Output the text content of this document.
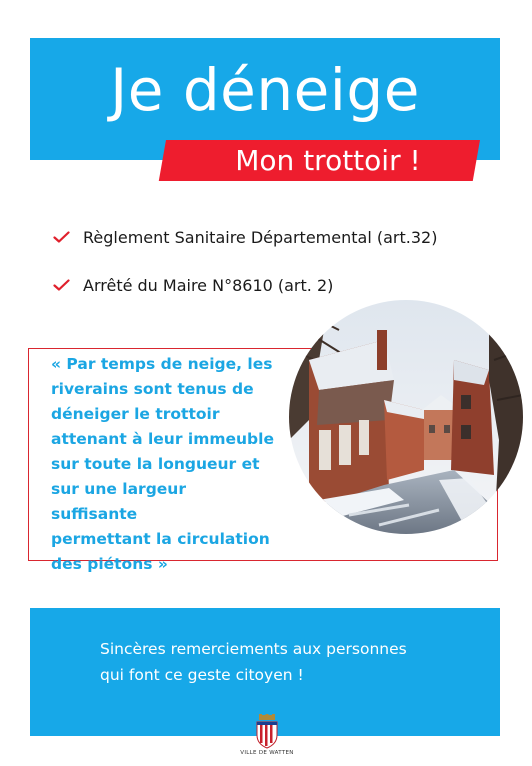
Je déneige
Mon trottoir !
Règlement Sanitaire Départemental (art.32)
Arrêté du Maire N°8610 (art. 2)
« Par temps de neige, les
riverains sont tenus de
déneiger le trottoir
attenant à leur immeuble
sur toute la longueur et
sur une largeur suffisante
permettant la circulation
des piétons »
Sincères remerciements aux personnes
qui font ce geste citoyen !
VILLE DE WATTEN
